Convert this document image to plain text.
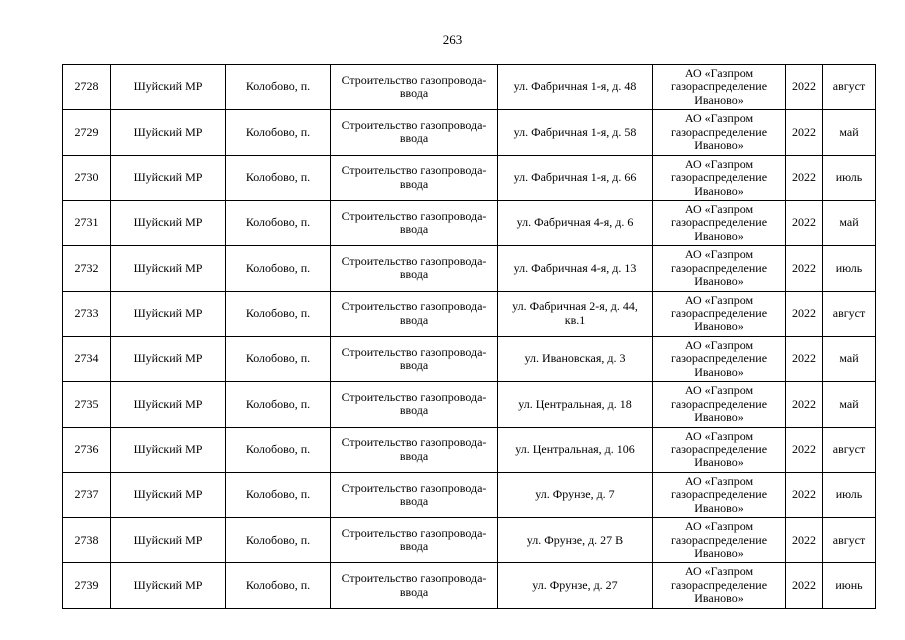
263
2728	Шуйский МР	Колобово, п.	Строительство газопровода-ввода	ул. Фабричная 1-я, д. 48	АО «Газпром газораспределение Иваново»	2022	август
2729	Шуйский МР	Колобово, п.	Строительство газопровода-ввода	ул. Фабричная 1-я, д. 58	АО «Газпром газораспределение Иваново»	2022	май
2730	Шуйский МР	Колобово, п.	Строительство газопровода-ввода	ул. Фабричная 1-я, д. 66	АО «Газпром газораспределение Иваново»	2022	июль
2731	Шуйский МР	Колобово, п.	Строительство газопровода-ввода	ул. Фабричная 4-я, д. 6	АО «Газпром газораспределение Иваново»	2022	май
2732	Шуйский МР	Колобово, п.	Строительство газопровода-ввода	ул. Фабричная 4-я, д. 13	АО «Газпром газораспределение Иваново»	2022	июль
2733	Шуйский МР	Колобово, п.	Строительство газопровода-ввода	ул. Фабричная 2-я, д. 44, кв.1	АО «Газпром газораспределение Иваново»	2022	август
2734	Шуйский МР	Колобово, п.	Строительство газопровода-ввода	ул. Ивановская, д. 3	АО «Газпром газораспределение Иваново»	2022	май
2735	Шуйский МР	Колобово, п.	Строительство газопровода-ввода	ул. Центральная, д. 18	АО «Газпром газораспределение Иваново»	2022	май
2736	Шуйский МР	Колобово, п.	Строительство газопровода-ввода	ул. Центральная, д. 106	АО «Газпром газораспределение Иваново»	2022	август
2737	Шуйский МР	Колобово, п.	Строительство газопровода-ввода	ул. Фрунзе, д. 7	АО «Газпром газораспределение Иваново»	2022	июль
2738	Шуйский МР	Колобово, п.	Строительство газопровода-ввода	ул. Фрунзе, д. 27 В	АО «Газпром газораспределение Иваново»	2022	август
2739	Шуйский МР	Колобово, п.	Строительство газопровода-ввода	ул. Фрунзе, д. 27	АО «Газпром газораспределение Иваново»	2022	июнь
